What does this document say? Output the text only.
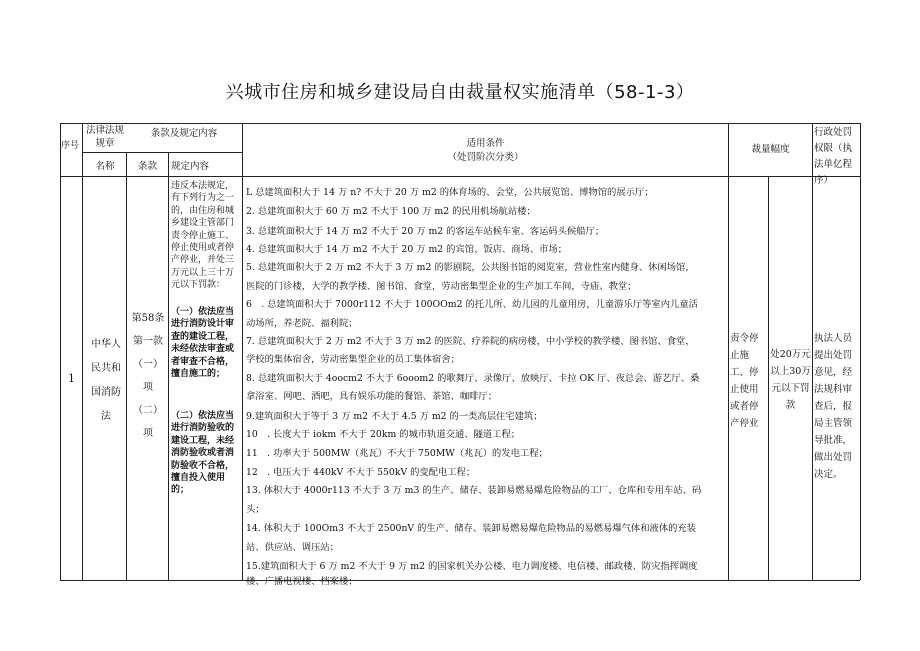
兴城市住房和城乡建设局自由裁量权实施清单（58-1-3）
序号
法律法规规章
条款及规定内容
名称	条款	规定内容
适用条件
（处罚阶次分类）
裁量幅度
行政处罚权限（执法单亿程序）
1
中华人民共和国消防法
第58条第一款（一）项（二）项
违反本法规定，有下列行为之一的，由住房和城乡建设主管部门责令停止施工、停止使用或者停产停业，并处三万元以上三十万元以下罚款：
（一）依法应当进行消防设计审查的建设工程，未经依法审查或者审查不合格，擅自施工的；
（二）依法应当进行消防验收的建设工程，未经消防验收或者消防验收不合格，擅自投入使用的；
L 总建筑面积大于 14 万 n? 不大于 20 万 m2 的体育场的、会堂，公共展览馆、博物馆的展示厅；
2. 总建筑面积大于 60 万 m2 不大于 100 万 m2 的民用机场航站楼；
3. 总建筑面积大于 14 万 m2 不大于 20 万 m2 的客运车站候车室、客运码头候船厅；
4. 总建筑面积大于 14 万 m2 不大于 20 万 m2 的宾馆、饭店、商场、市场；
5. 总建筑面积大于 2 万 m2 不大于 3 万 m2 的影剧院，公共图书馆的阅览室，营业性室内健身、休闲场馆，
医院的门诊楼，大学的教学楼、图书馆、食堂，劳动密集型企业的生产加工车间，寺庙、教堂；
6　. 总建筑面积大于 7000r112 不大于 100OOm2 的托儿所、幼儿园的儿童用房，儿童游乐厅等室内儿童活
动场所，养老院、福利院；
7. 总建筑面积大于 2 万 m2 不大于 3 万 m2 的医院、疗养院的病房楼，中小学校的教学楼、图书馆、食堂，
学校的集体宿舍，劳动密集型企业的员工集体宿舍；
8. 总建筑面积大于 4oocm2 不大于 6ooom2 的歌舞厅、录像厅、放映厅、卡拉 OK 厅、夜总会、游艺厅、桑
拿浴室、网吧、酒吧，具有娱乐功能的餐馆、茶馆、咖啡厅；
9.建筑面积大于等于 3 万 m2 不大于 4.5 万 m2 的一类高层住宅建筑；
10　. 长度大于 iokm 不大于 20km 的城市轨道交通、隧道工程；
11　. 功率大于 500MW（兆瓦）不大于 750MW（兆瓦）的发电工程；
12　. 电压大于 440kV 不大于 550kV 的变配电工程；
13. 体积大于 4000r113 不大于 3 万 m3 的生产、储存、装卸易燃易爆危险物品的工厂、仓库和专用车站、码
头；
14. 体积大于 100Om3 不大于 2500nV 的生产、储存、装卸易燃易爆危险物品的易燃易爆气体和液体的充装
站、供应站、调压站；
15.建筑面积大于 6 万 m2 不大于 9 万 m2 的国家机关办公楼、电力调度楼、电信楼、邮政楼、防灾指挥调度
楼、广播电视楼、档案楼；
责令停止施工、停止使用或者停产停业
处20万元以上30万元以下罚款
执法人员提出处罚意见，经法规科审查后，报局主管领导批准，做出处罚决定。
